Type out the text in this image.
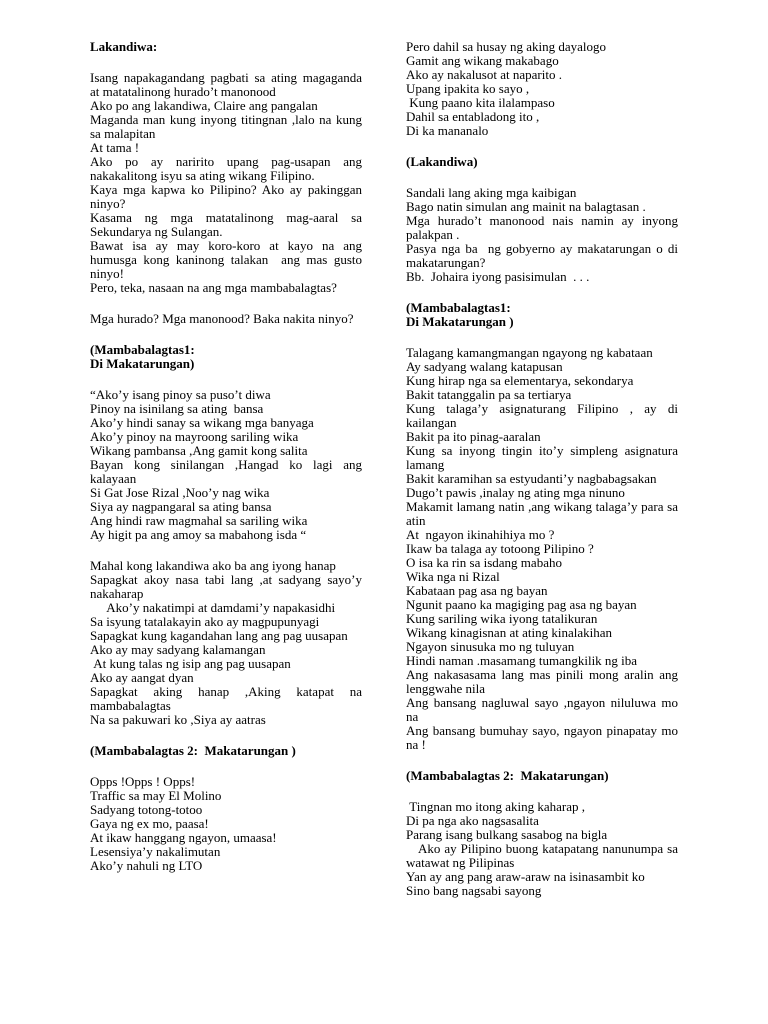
Lakandiwa:
Isang napakagandang pagbati sa ating magaganda at matatalinong hurado’t manonood
Ako po ang lakandiwa, Claire ang pangalan
Maganda man kung inyong titingnan ,lalo na kung sa malapitan
At tama !
Ako po ay naririto upang pag-usapan ang nakakalitong isyu sa ating wikang Filipino.
Kaya mga kapwa ko Pilipino? Ako ay pakinggan ninyo?
Kasama ng mga matatalinong mag-aaral sa Sekundarya ng Sulangan.
Bawat isa ay may koro-koro at kayo na ang humusga kong kaninong talakan  ang mas gusto ninyo!
Pero, teka, nasaan na ang mga mambabalagtas?
Mga hurado? Mga manonood? Baka nakita ninyo?
(Mambabalagtas1:
Di Makatarungan)
“Ako’y isang pinoy sa puso’t diwa
Pinoy na isinilang sa ating  bansa
Ako’y hindi sanay sa wikang mga banyaga
Ako’y pinoy na mayroong sariling wika
Wikang pambansa ,Ang gamit kong salita
Bayan kong sinilangan ,Hangad ko lagi ang kalayaan
Si Gat Jose Rizal ,Noo’y nag wika
Siya ay nagpangaral sa ating bansa
Ang hindi raw magmahal sa sariling wika
Ay higit pa ang amoy sa mabahong isda “
Mahal kong lakandiwa ako ba ang iyong hanap
Sapagkat akoy nasa tabi lang ,at sadyang sayo’y nakaharap
Ako’y nakatimpi at damdami’y napakasidhi
Sa isyung tatalakayin ako ay magpupunyagi
Sapagkat kung kagandahan lang ang pag uusapan
Ako ay may sadyang kalamangan
At kung talas ng isip ang pag uusapan
Ako ay aangat dyan
Sapagkat aking hanap ,Aking katapat na mambabalagtas
Na sa pakuwari ko ,Siya ay aatras
(Mambabalagtas 2:  Makatarungan )
Opps !Opps ! Opps!
Traffic sa may El Molino
Sadyang totong-totoo
Gaya ng ex mo, paasa!
At ikaw hanggang ngayon, umaasa!
Lesensiya’y nakalimutan
Ako’y nahuli ng LTO
Pero dahil sa husay ng aking dayalogo
Gamit ang wikang makabago
Ako ay nakalusot at naparito .
Upang ipakita ko sayo ,
Kung paano kita ilalampaso
Dahil sa entabladong ito ,
Di ka mananalo
(Lakandiwa)
Sandali lang aking mga kaibigan
Bago natin simulan ang mainit na balagtasan .
Mga hurado’t manonood nais namin ay inyong palakpan .
Pasya nga ba  ng gobyerno ay makatarungan o di makatarungan?
Bb.  Johaira iyong pasisimulan  . . .
(Mambabalagtas1:
Di Makatarungan )
Talagang kamangmangan ngayong ng kabataan
Ay sadyang walang katapusan
Kung hirap nga sa elementarya, sekondarya
Bakit tatanggalin pa sa tertiarya
Kung talaga’y asignaturang Filipino , ay di kailangan
Bakit pa ito pinag-aaralan
Kung sa inyong tingin ito’y simpleng asignatura lamang
Bakit karamihan sa estyudanti’y nagbabagsakan
Dugo’t pawis ,inalay ng ating mga ninuno
Makamit lamang natin ,ang wikang talaga’y para sa atin
At  ngayon ikinahihiya mo ?
Ikaw ba talaga ay totoong Pilipino ?
O isa ka rin sa isdang mabaho
Wika nga ni Rizal
Kabataan pag asa ng bayan
Ngunit paano ka magiging pag asa ng bayan
Kung sariling wika iyong tatalikuran
Wikang kinagisnan at ating kinalakihan
Ngayon sinusuka mo ng tuluyan
Hindi naman .masamang tumangkilik ng iba
Ang nakasasama lang mas pinili mong aralin ang lenggwahe nila
Ang bansang nagluwal sayo ,ngayon niluluwa mo na
Ang bansang bumuhay sayo, ngayon pinapatay mo na !
(Mambabalagtas 2:  Makatarungan)
Tingnan mo itong aking kaharap ,
Di pa nga ako nagsasalita
Parang isang bulkang sasabog na bigla
Ako ay Pilipino buong katapatang nanunumpa sa watawat ng Pilipinas
Yan ay ang pang araw-araw na isinasambit ko
Sino bang nagsabi sayong
